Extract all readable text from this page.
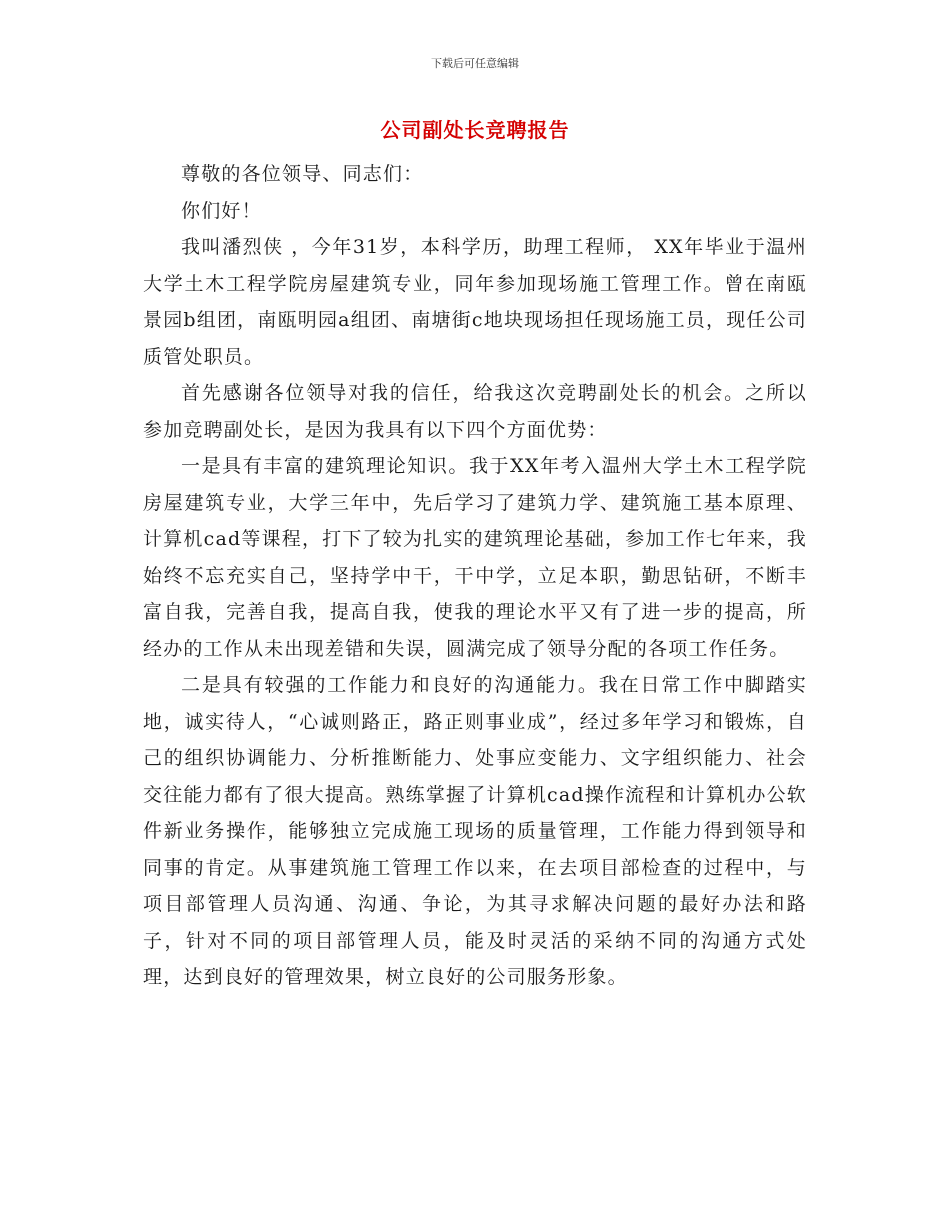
下载后可任意编辑
公司副处长竞聘报告

尊敬的各位领导、同志们：

你们好！

我叫潘烈侠 ，今年31岁，本科学历，助理工程师， XX年毕业于温州大学土木工程学院房屋建筑专业，同年参加现场施工管理工作。曾在南瓯景园b组团，南瓯明园a组团、南塘街c地块现场担任现场施工员，现任公司质管处职员。

首先感谢各位领导对我的信任，给我这次竞聘副处长的机会。之所以参加竞聘副处长，是因为我具有以下四个方面优势：

一是具有丰富的建筑理论知识。我于XX年考入温州大学土木工程学院房屋建筑专业，大学三年中，先后学习了建筑力学、建筑施工基本原理、计算机cad等课程，打下了较为扎实的建筑理论基础，参加工作七年来，我始终不忘充实自己，坚持学中干，干中学，立足本职，勤思钻研，不断丰富自我，完善自我，提高自我，使我的理论水平又有了进一步的提高，所经办的工作从未出现差错和失误，圆满完成了领导分配的各项工作任务。

二是具有较强的工作能力和良好的沟通能力。我在日常工作中脚踏实地，诚实待人，“心诚则路正，路正则事业成”，经过多年学习和锻炼，自己的组织协调能力、分析推断能力、处事应变能力、文字组织能力、社会交往能力都有了很大提高。熟练掌握了计算机cad操作流程和计算机办公软件新业务操作，能够独立完成施工现场的质量管理，工作能力得到领导和同事的肯定。从事建筑施工管理工作以来，在去项目部检查的过程中，与项目部管理人员沟通、沟通、争论，为其寻求解决问题的最好办法和路子，针对不同的项目部管理人员，能及时灵活的采纳不同的沟通方式处理，达到良好的管理效果，树立良好的公司服务形象。
